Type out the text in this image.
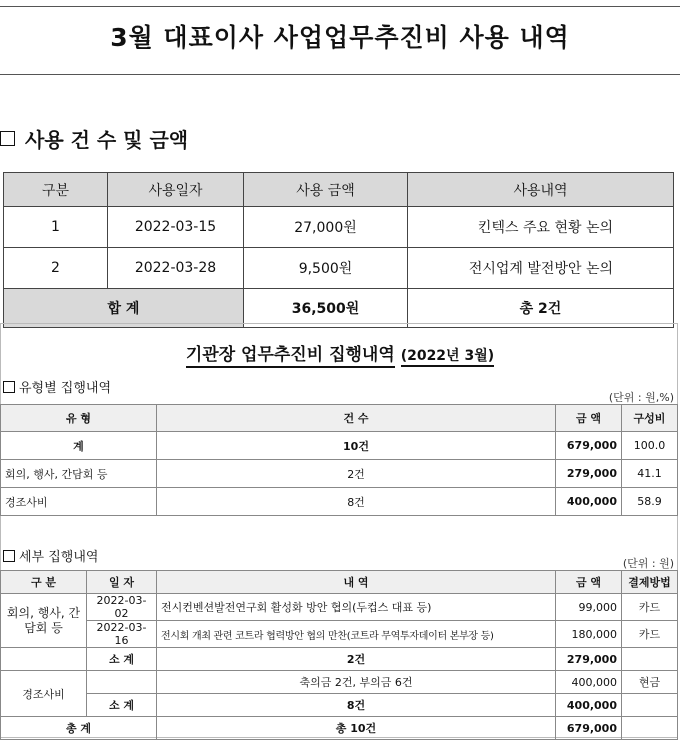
3월 대표이사 사업업무추진비 사용 내역
사용 건 수 및 금액
구분	사용일자	사용 금액	사용내역
1	2022-03-15	27,000원	킨텍스 주요 현황 논의
2	2022-03-28	9,500원	전시업계 발전방안 논의
합 계		36,500원	총 2건
기관장 업무추진비 집행내역 (2022년 3월)
유형별 집행내역
(단위 : 원,%)
유 형	건 수	금 액	구성비
계	10건	679,000	100.0
회의, 행사, 간담회 등	2건	279,000	41.1
경조사비	8건	400,000	58.9
세부 집행내역	(단위 : 원)
구 분	일 자	내 역	금 액	결제방법
회의, 행사, 간담회 등	2022-03-02	전시컨벤션발전연구회 활성화 방안 협의(두컵스 대표 등)	99,000	카드
	2022-03-16	전시회 개최 관련 코트라 협력방안 협의 만찬(코트라 무역투자데이터 본부장 등)	180,000	카드
	소 계	2건	279,000	
경조사비		축의금 2건, 부의금 6건	400,000	현금
	소 계	8건	400,000	
총 계		총 10건	679,000	
